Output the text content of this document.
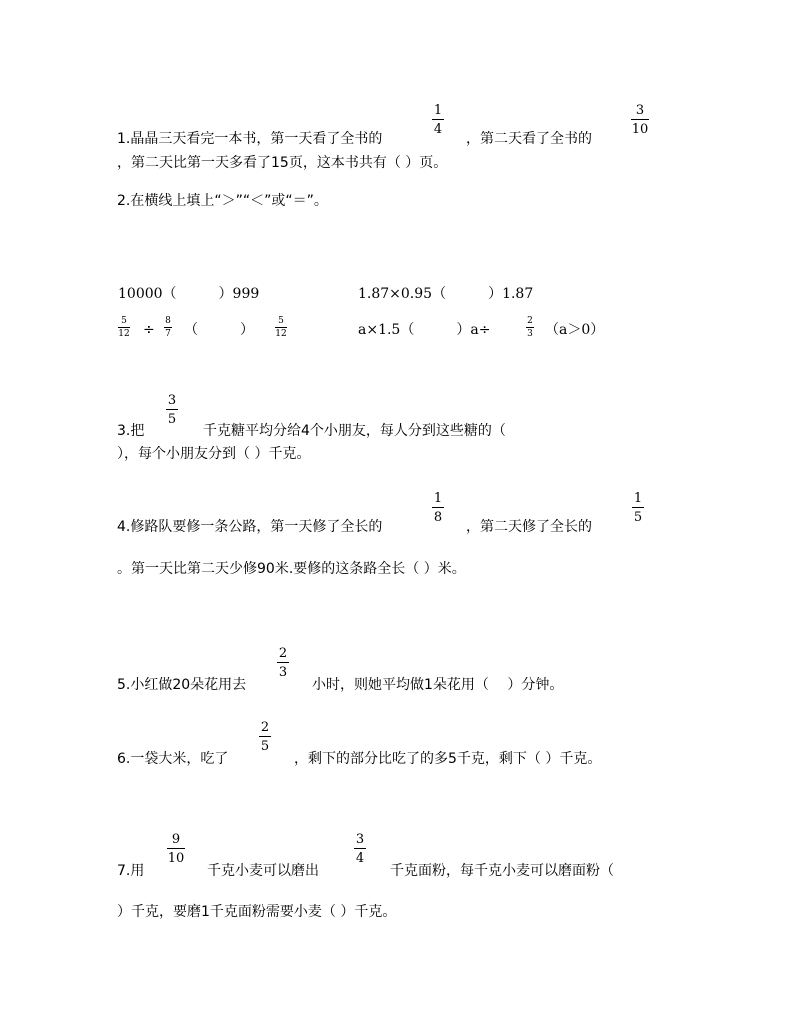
1
4
3
10
1.晶晶三天看完一本书，第一天看了全书的	，第二天看了全书的
，第二天比第一天多看了15页，这本书共有（ ）页。
2.在横线上填上“＞”“＜”或“＝”。
10000（　　　）999	1.87×0.95（　　　）1.87
5
12 ÷
8
7 （　　　）
5
12	a×1.5（　　　）a÷
2
3 （a＞0）
3.把
3
5
千克糖平均分给4个小朋友，每人分到这些糖的（
），每个小朋友分到（ ）千克。
1
8
1
5
4.修路队要修一条公路，第一天修了全长的	，第二天修了全长的
。第一天比第二天少修90米.要修的这条路全长（ ）米。
5.小红做20朵花用去
2
3
小时，则她平均做1朵花用（　 ）分钟。
6.一袋大米，吃了
2
5
，剩下的部分比吃了的多5千克，剩下（ ）千克。
7.用
9
10
千克小麦可以磨出
3
4
千克面粉，每千克小麦可以磨面粉（
）千克，要磨1千克面粉需要小麦（ ）千克。
